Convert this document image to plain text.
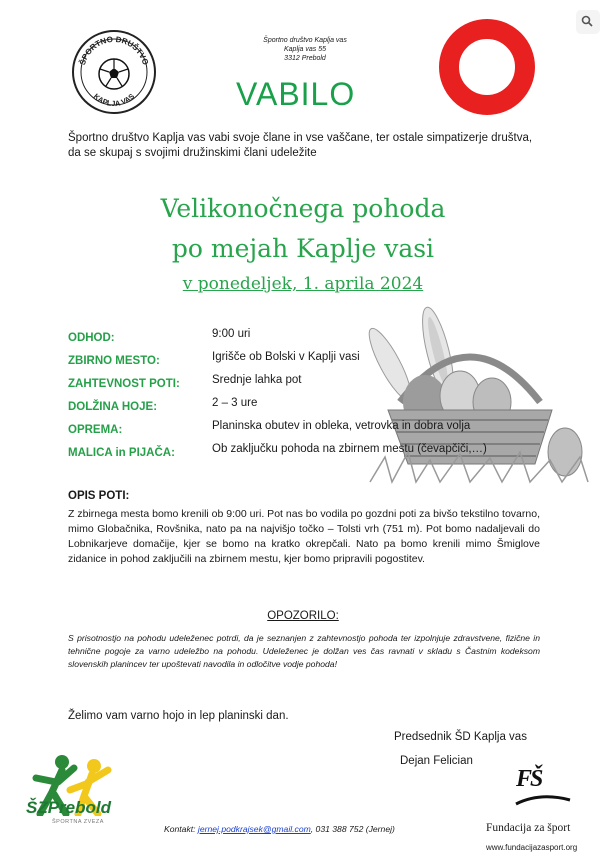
ŠPORTNO DRUŠTVO
KAPLJA VAS
Športno društvo Kaplja vas
Kaplja vas 55
3312 Prebold
VABILO
Športno društvo Kaplja vas vabi svoje člane in vse vaščane, ter ostale simpatizerje društva, da se skupaj s svojimi družinskimi člani udeležite
Velikonočnega pohoda
po mejah Kaplje vasi
v ponedeljek, 1. aprila 2024
ODHOD:	9:00 uri
ZBIRNO MESTO:	Igrišče ob Bolski v Kaplji vasi
ZAHTEVNOST POTI:	Srednje lahka pot
DOLŽINA HOJE:	2 – 3 ure
OPREMA:	Planinska obutev in obleka, vetrovka in dobra volja
MALICA in PIJAČA:	Ob zaključku pohoda na zbirnem mestu (čevapčiči,…)
OPIS POTI:
Z zbirnega mesta bomo krenili ob 9:00 uri. Pot nas bo vodila po gozdni poti za bivšo tekstilno tovarno, mimo Globačnika, Rovšnika, nato pa na najvišjo točko – Tolsti vrh (751 m). Pot bomo nadaljevali do Lobnikarjeve domačije, kjer se bomo na kratko okrepčali. Nato pa bomo krenili mimo Šmiglove zidanice in pohod zaključili na zbirnem mestu, kjer bomo pripravili pogostitev.
OPOZORILO:
S prisotnostjo na pohodu udeleženec potrdi, da je seznanjen z zahtevnostjo pohoda ter izpolnjuje zdravstvene, fizične in tehnične pogoje za varno udeležbo na pohodu. Udeleženec je dolžan ves čas ravnati v skladu s Častnim kodeksom slovenskih planincev ter upoštevati navodila in odločitve vodje pohoda!
Želimo vam varno hojo in lep planinski dan.
Predsednik ŠD Kaplja vas
Dejan Felician
ŠZPrebold
ŠPORTNA ZVEZA
Kontakt: jernej.podkrajsek@gmail.com, 031 388 752 (Jernej)
FŠ
Fundacija za šport
www.fundacijazasport.org
